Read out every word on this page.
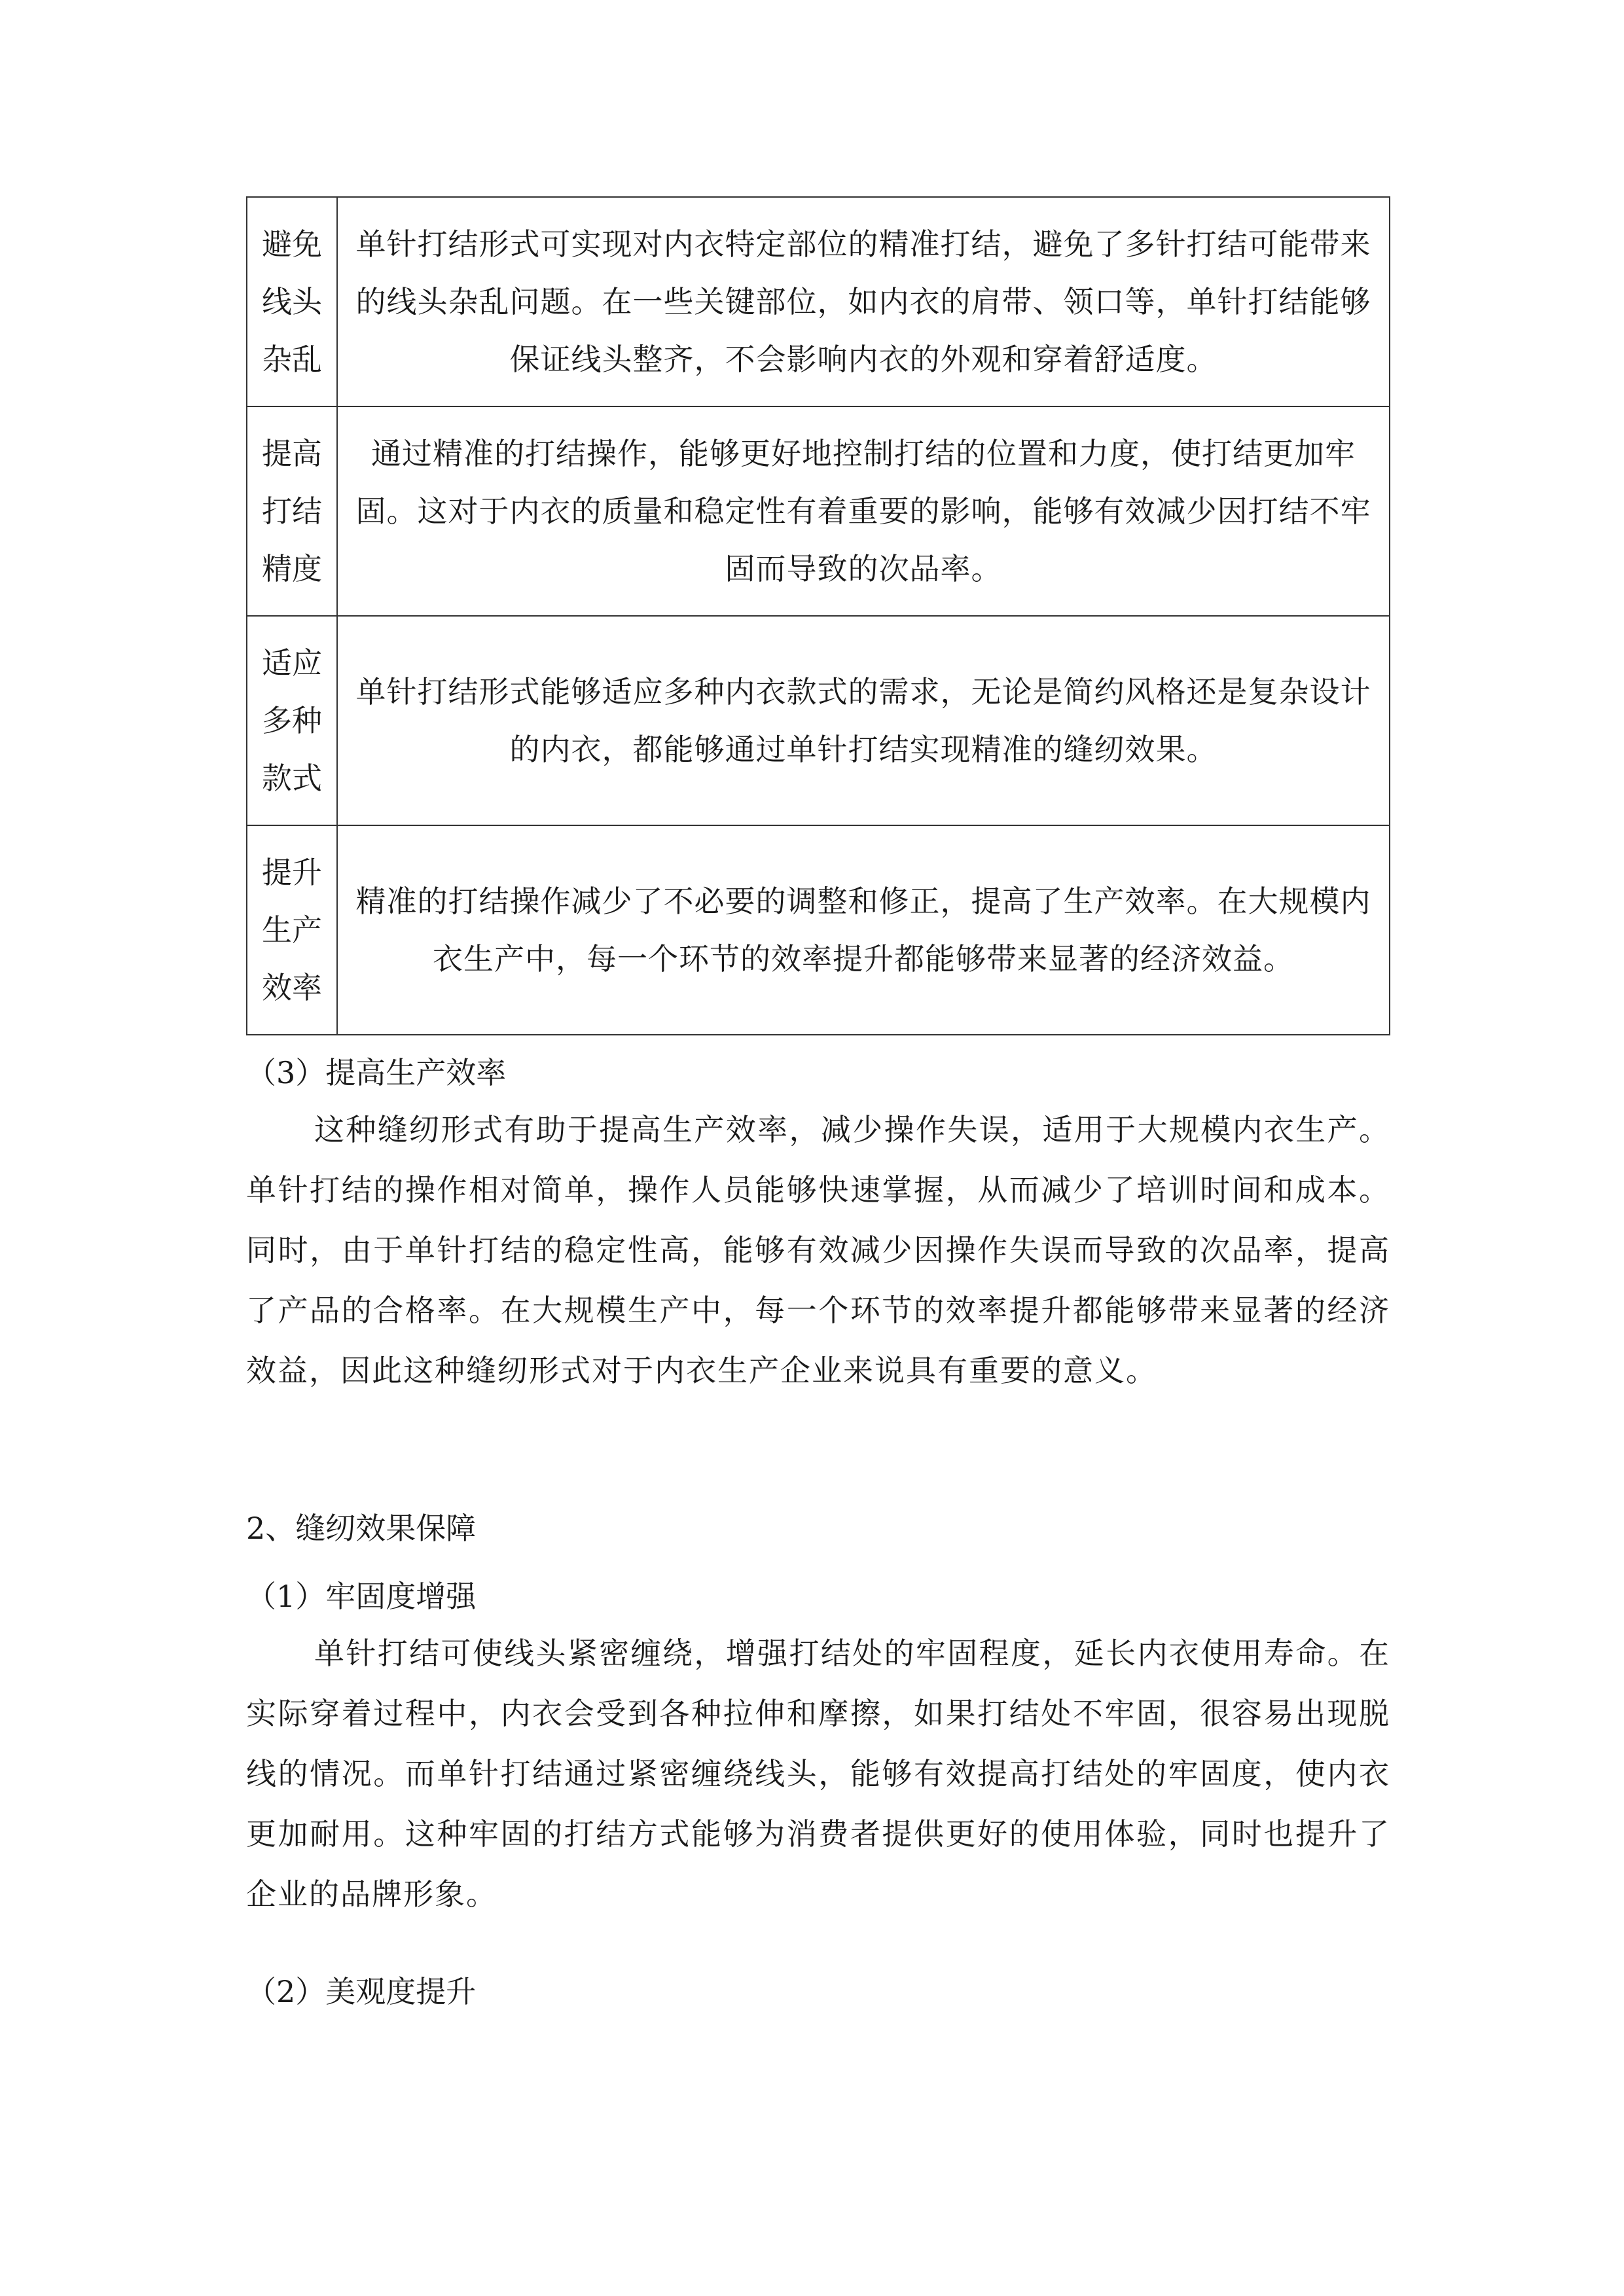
避免
线头
杂乱	单针打结形式可实现对内衣特定部位的精准打结，避免了多针打结可能带来的线头杂乱问题。在一些关键部位，如内衣的肩带、领口等，单针打结能够保证线头整齐，不会影响内衣的外观和穿着舒适度。

提高
打结
精度	通过精准的打结操作，能够更好地控制打结的位置和力度，使打结更加牢固。这对于内衣的质量和稳定性有着重要的影响，能够有效减少因打结不牢固而导致的次品率。

适应
多种
款式	单针打结形式能够适应多种内衣款式的需求，无论是简约风格还是复杂设计的内衣，都能够通过单针打结实现精准的缝纫效果。

提升
生产
效率	精准的打结操作减少了不必要的调整和修正，提高了生产效率。在大规模内衣生产中，每一个环节的效率提升都能够带来显著的经济效益。
（3）提高生产效率

这种缝纫形式有助于提高生产效率，减少操作失误，适用于大规模内衣生产。单针打结的操作相对简单，操作人员能够快速掌握，从而减少了培训时间和成本。同时，由于单针打结的稳定性高，能够有效减少因操作失误而导致的次品率，提高了产品的合格率。在大规模生产中，每一个环节的效率提升都能够带来显著的经济效益，因此这种缝纫形式对于内衣生产企业来说具有重要的意义。

2、缝纫效果保障
（1）牢固度增强

单针打结可使线头紧密缠绕，增强打结处的牢固程度，延长内衣使用寿命。在实际穿着过程中，内衣会受到各种拉伸和摩擦，如果打结处不牢固，很容易出现脱线的情况。而单针打结通过紧密缠绕线头，能够有效提高打结处的牢固度，使内衣更加耐用。这种牢固的打结方式能够为消费者提供更好的使用体验，同时也提升了企业的品牌形象。

（2）美观度提升
